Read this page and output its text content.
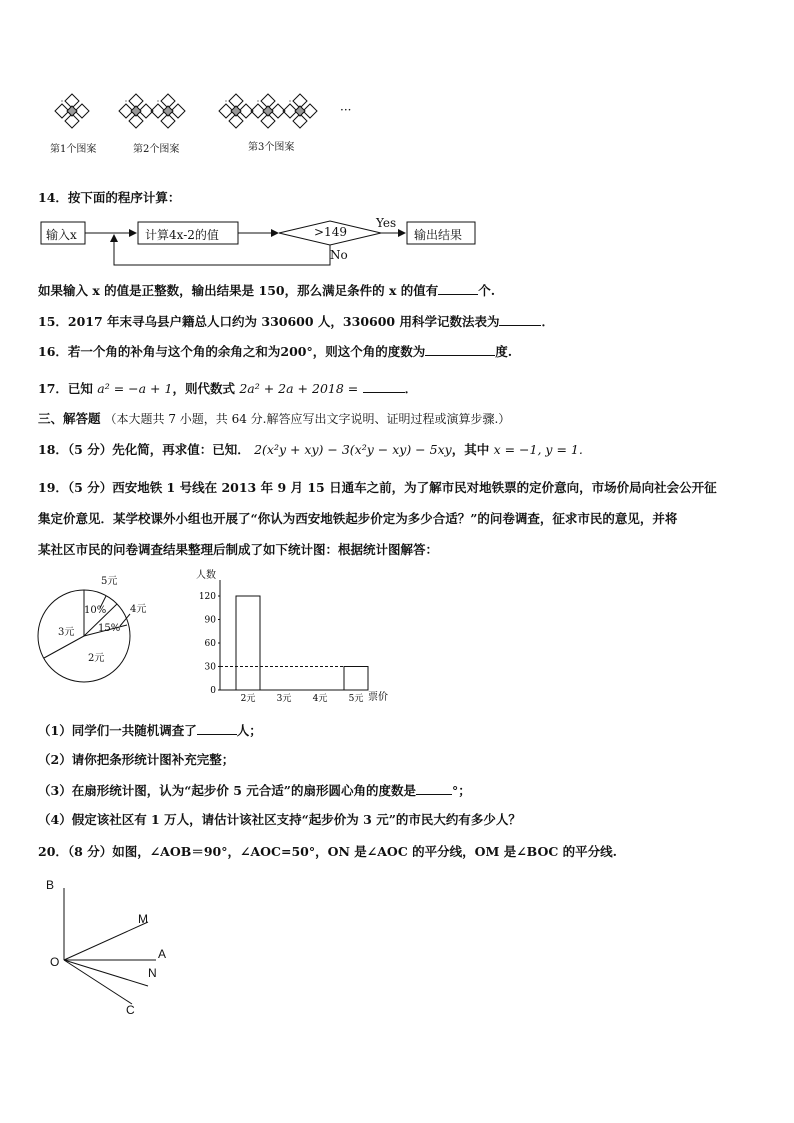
第1个图案	第2个图案	第3个图案
···
14．按下面的程序计算：
输入x	计算4x-2的值	>149
Yes
No
输出结果
如果输入 x 的值是正整数，输出结果是 150，那么满足条件的 x 的值有	个.
15．2017 年末寻乌县户籍总人口约为 330600 人，330600 用科学记数法表为	．
16．若一个角的补角与这个角的余角之和为200°，则这个角的度数为	度.
17．已知 a² = −a + 1，则代数式 2a² + 2a + 2018 =	．
三、解答题 （本大题共 7 小题，共 64 分.解答应写出文字说明、证明过程或演算步骤.）
18．（5 分）先化简，再求值：已知． 2(x²y + xy) − 3(x²y − xy) − 5xy，其中 x = −1, y = 1.
19．（5 分）西安地铁 1 号线在 2013 年 9 月 15 日通车之前，为了解市民对地铁票的定价意向，市场价局向社会公开征
集定价意见．某学校课外小组也开展了“你认为西安地铁起步价定为多少合适？”的问卷调查，征求市民的意见，并将
某社区市民的问卷调查结果整理后制成了如下统计图：根据统计图解答：
5元
4元
10%
15%
3元
2元
人数
票价
0
30
60
90
120
2元 3元 4元 5元
（1）同学们一共随机调查了	人；
（2）请你把条形统计图补充完整；
（3）在扇形统计图，认为“起步价 5 元合适”的扇形圆心角的度数是	°；
（4）假定该社区有 1 万人，请估计该社区支持“起步价为 3 元”的市民大约有多少人？
20．（8 分）如图，∠AOB＝90°，∠AOC=50°，ON 是∠AOC 的平分线，OM 是∠BOC 的平分线.
B
M
A
O
N
C
